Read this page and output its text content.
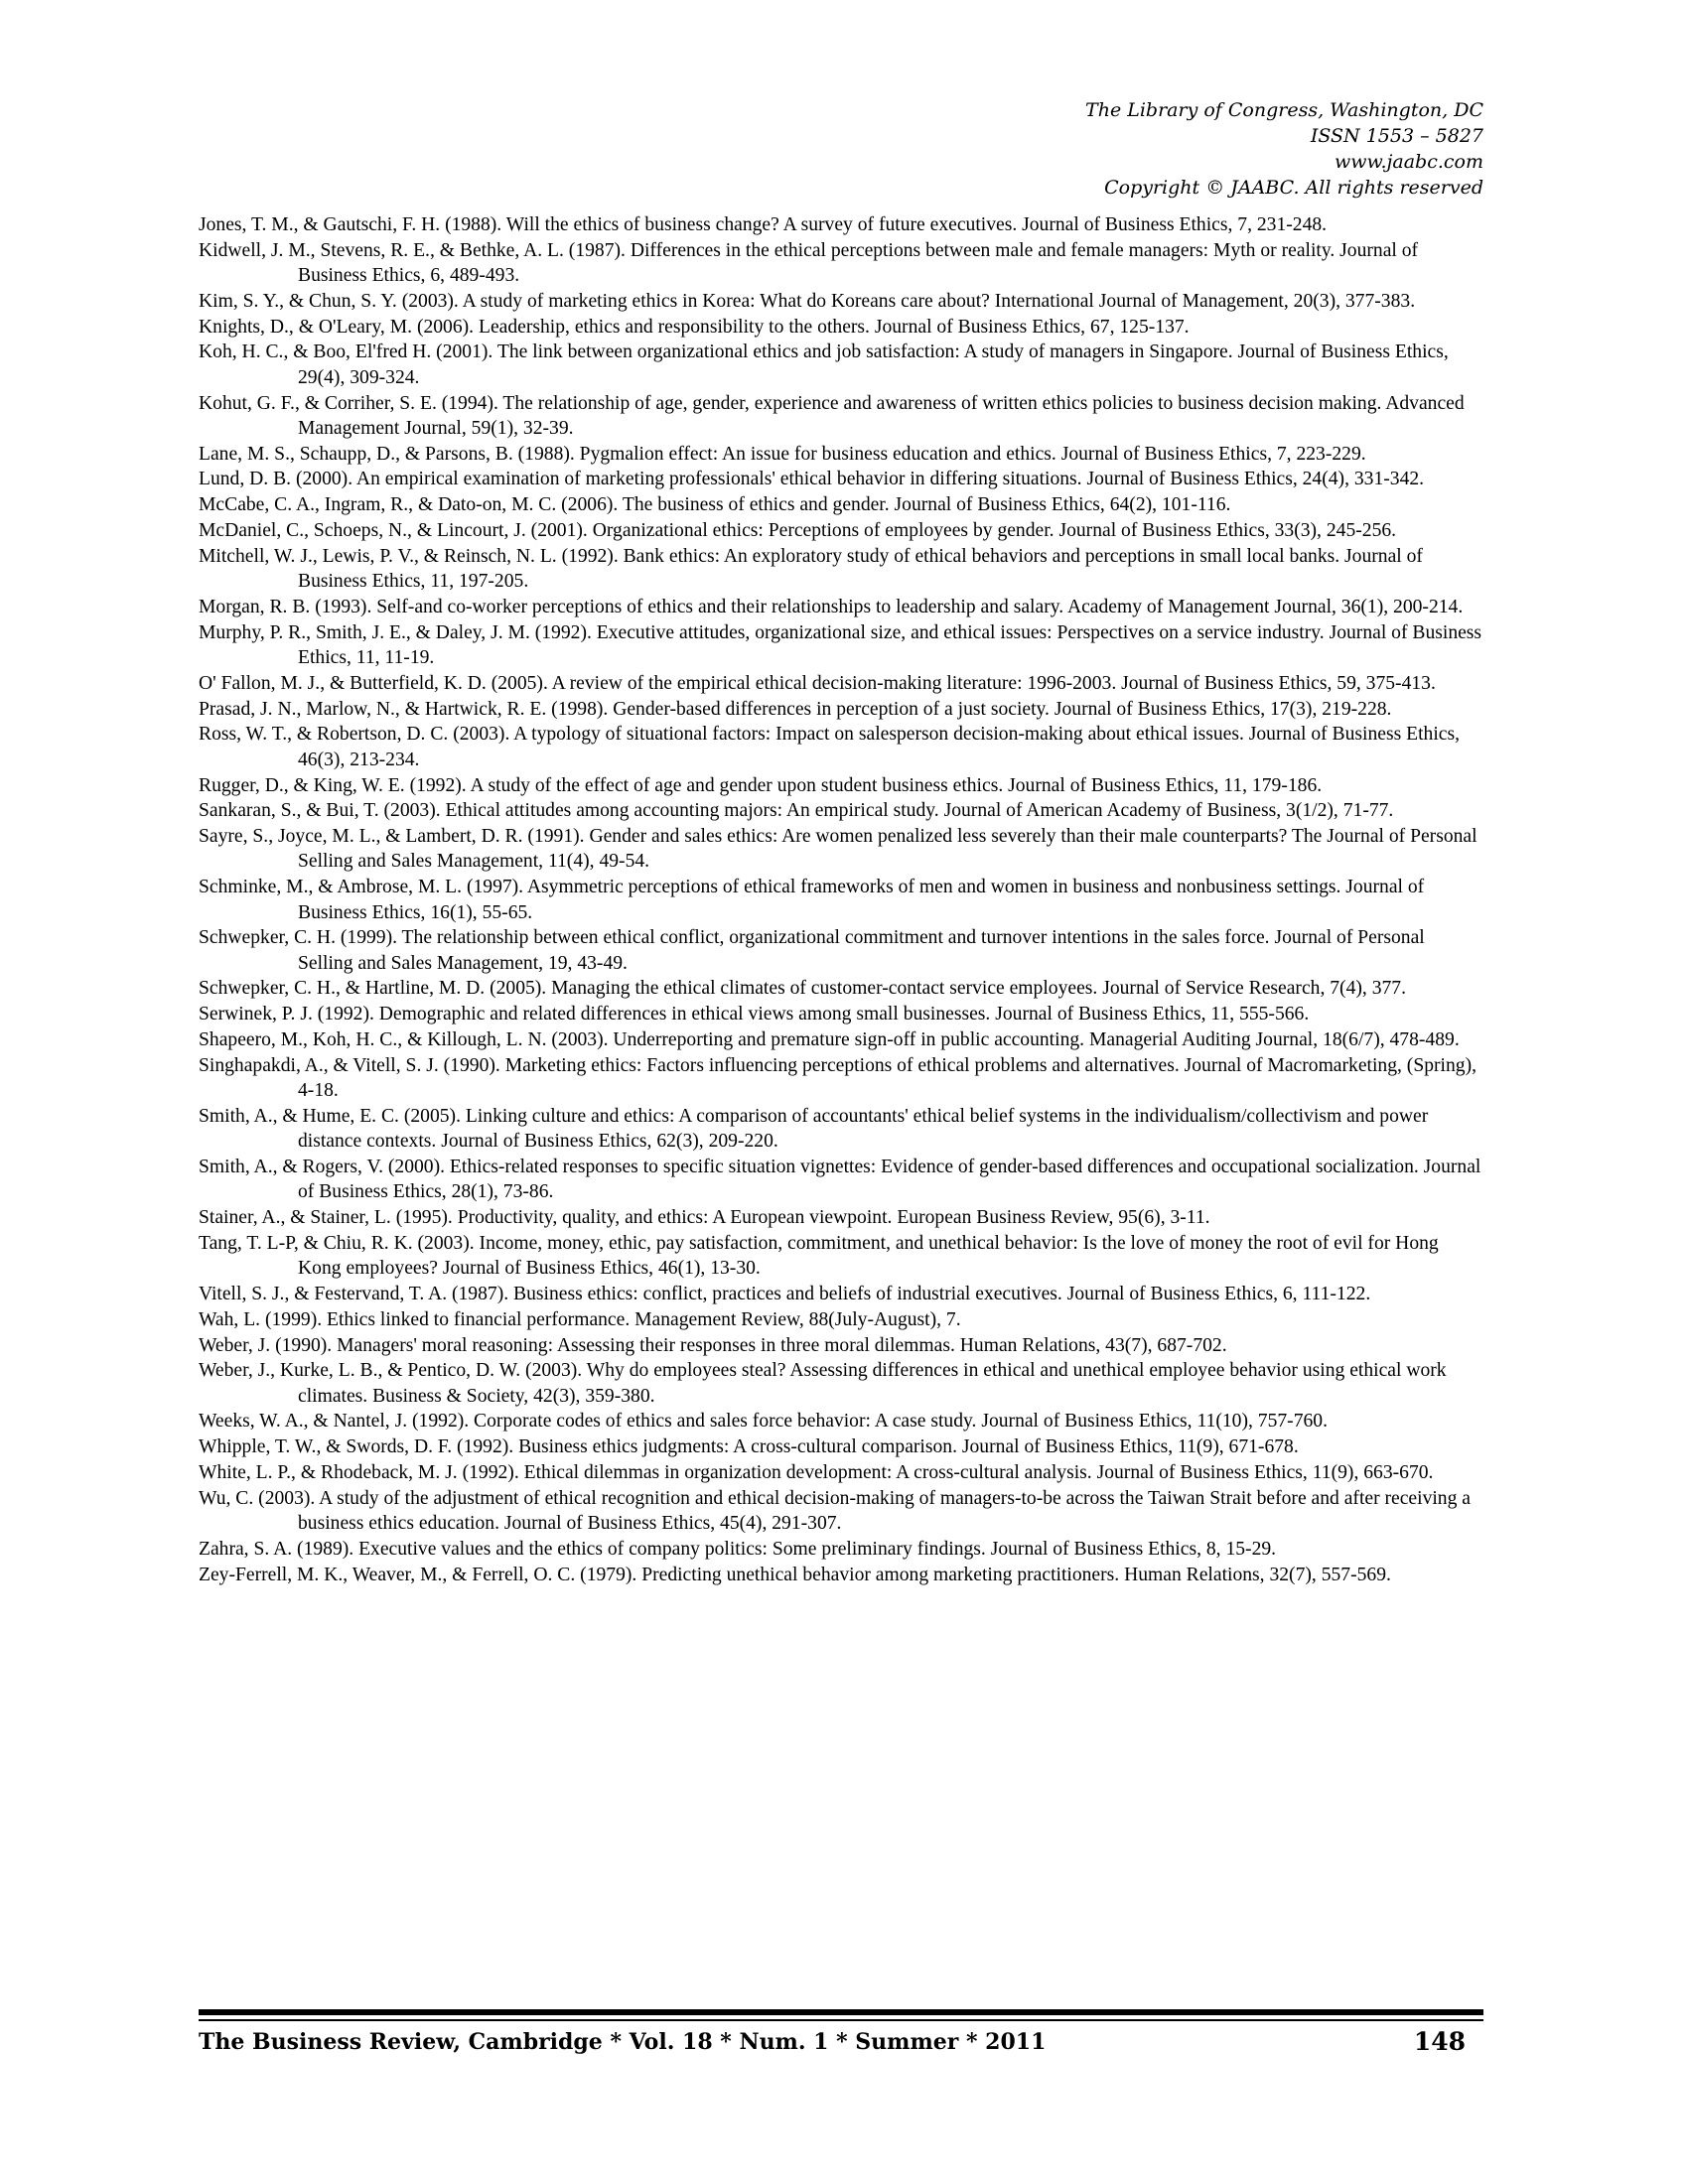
The Library of Congress, Washington, DC
ISSN 1553 – 5827
www.jaabc.com
Copyright © JAABC. All rights reserved
Jones, T. M., & Gautschi, F. H. (1988). Will the ethics of business change? A survey of future executives. Journal of Business Ethics, 7, 231-248.
Kidwell, J. M., Stevens, R. E., & Bethke, A. L. (1987). Differences in the ethical perceptions between male and female managers: Myth or reality. Journal of Business Ethics, 6, 489-493.
Kim, S. Y., & Chun, S. Y. (2003). A study of marketing ethics in Korea: What do Koreans care about? International Journal of Management, 20(3), 377-383.
Knights, D., & O'Leary, M. (2006). Leadership, ethics and responsibility to the others. Journal of Business Ethics, 67, 125-137.
Koh, H. C., & Boo, El'fred H. (2001). The link between organizational ethics and job satisfaction: A study of managers in Singapore. Journal of Business Ethics, 29(4), 309-324.
Kohut, G. F., & Corriher, S. E. (1994). The relationship of age, gender, experience and awareness of written ethics policies to business decision making. Advanced Management Journal, 59(1), 32-39.
Lane, M. S., Schaupp, D., & Parsons, B. (1988). Pygmalion effect: An issue for business education and ethics. Journal of Business Ethics, 7, 223-229.
Lund, D. B. (2000). An empirical examination of marketing professionals' ethical behavior in differing situations. Journal of Business Ethics, 24(4), 331-342.
McCabe, C. A., Ingram, R., & Dato-on, M. C. (2006). The business of ethics and gender. Journal of Business Ethics, 64(2), 101-116.
McDaniel, C., Schoeps, N., & Lincourt, J. (2001). Organizational ethics: Perceptions of employees by gender. Journal of Business Ethics, 33(3), 245-256.
Mitchell, W. J., Lewis, P. V., & Reinsch, N. L. (1992). Bank ethics: An exploratory study of ethical behaviors and perceptions in small local banks. Journal of Business Ethics, 11, 197-205.
Morgan, R. B. (1993). Self-and co-worker perceptions of ethics and their relationships to leadership and salary. Academy of Management Journal, 36(1), 200-214.
Murphy, P. R., Smith, J. E., & Daley, J. M. (1992). Executive attitudes, organizational size, and ethical issues: Perspectives on a service industry. Journal of Business Ethics, 11, 11-19.
O' Fallon, M. J., & Butterfield, K. D. (2005). A review of the empirical ethical decision-making literature: 1996-2003. Journal of Business Ethics, 59, 375-413.
Prasad, J. N., Marlow, N., & Hartwick, R. E. (1998). Gender-based differences in perception of a just society. Journal of Business Ethics, 17(3), 219-228.
Ross, W. T., & Robertson, D. C. (2003). A typology of situational factors: Impact on salesperson decision-making about ethical issues. Journal of Business Ethics, 46(3), 213-234.
Rugger, D., & King, W. E. (1992). A study of the effect of age and gender upon student business ethics. Journal of Business Ethics, 11, 179-186.
Sankaran, S., & Bui, T. (2003). Ethical attitudes among accounting majors: An empirical study. Journal of American Academy of Business, 3(1/2), 71-77.
Sayre, S., Joyce, M. L., & Lambert, D. R. (1991). Gender and sales ethics: Are women penalized less severely than their male counterparts? The Journal of Personal Selling and Sales Management, 11(4), 49-54.
Schminke, M., & Ambrose, M. L. (1997). Asymmetric perceptions of ethical frameworks of men and women in business and nonbusiness settings. Journal of Business Ethics, 16(1), 55-65.
Schwepker, C. H. (1999). The relationship between ethical conflict, organizational commitment and turnover intentions in the sales force. Journal of Personal Selling and Sales Management, 19, 43-49.
Schwepker, C. H., & Hartline, M. D. (2005). Managing the ethical climates of customer-contact service employees. Journal of Service Research, 7(4), 377.
Serwinek, P. J. (1992). Demographic and related differences in ethical views among small businesses. Journal of Business Ethics, 11, 555-566.
Shapeero, M., Koh, H. C., & Killough, L. N. (2003). Underreporting and premature sign-off in public accounting. Managerial Auditing Journal, 18(6/7), 478-489.
Singhapakdi, A., & Vitell, S. J. (1990). Marketing ethics: Factors influencing perceptions of ethical problems and alternatives. Journal of Macromarketing, (Spring), 4-18.
Smith, A., & Hume, E. C. (2005). Linking culture and ethics: A comparison of accountants' ethical belief systems in the individualism/collectivism and power distance contexts. Journal of Business Ethics, 62(3), 209-220.
Smith, A., & Rogers, V. (2000). Ethics-related responses to specific situation vignettes: Evidence of gender-based differences and occupational socialization. Journal of Business Ethics, 28(1), 73-86.
Stainer, A., & Stainer, L. (1995). Productivity, quality, and ethics: A European viewpoint. European Business Review, 95(6), 3-11.
Tang, T. L-P, & Chiu, R. K. (2003). Income, money, ethic, pay satisfaction, commitment, and unethical behavior: Is the love of money the root of evil for Hong Kong employees? Journal of Business Ethics, 46(1), 13-30.
Vitell, S. J., & Festervand, T. A. (1987). Business ethics: conflict, practices and beliefs of industrial executives. Journal of Business Ethics, 6, 111-122.
Wah, L. (1999). Ethics linked to financial performance. Management Review, 88(July-August), 7.
Weber, J. (1990). Managers' moral reasoning: Assessing their responses in three moral dilemmas. Human Relations, 43(7), 687-702.
Weber, J., Kurke, L. B., & Pentico, D. W. (2003). Why do employees steal? Assessing differences in ethical and unethical employee behavior using ethical work climates. Business & Society, 42(3), 359-380.
Weeks, W. A., & Nantel, J. (1992). Corporate codes of ethics and sales force behavior: A case study. Journal of Business Ethics, 11(10), 757-760.
Whipple, T. W., & Swords, D. F. (1992). Business ethics judgments: A cross-cultural comparison. Journal of Business Ethics, 11(9), 671-678.
White, L. P., & Rhodeback, M. J. (1992). Ethical dilemmas in organization development: A cross-cultural analysis. Journal of Business Ethics, 11(9), 663-670.
Wu, C. (2003). A study of the adjustment of ethical recognition and ethical decision-making of managers-to-be across the Taiwan Strait before and after receiving a business ethics education. Journal of Business Ethics, 45(4), 291-307.
Zahra, S. A. (1989). Executive values and the ethics of company politics: Some preliminary findings. Journal of Business Ethics, 8, 15-29.
Zey-Ferrell, M. K., Weaver, M., & Ferrell, O. C. (1979). Predicting unethical behavior among marketing practitioners. Human Relations, 32(7), 557-569.
The Business Review, Cambridge * Vol. 18 * Num. 1 * Summer * 2011	148
